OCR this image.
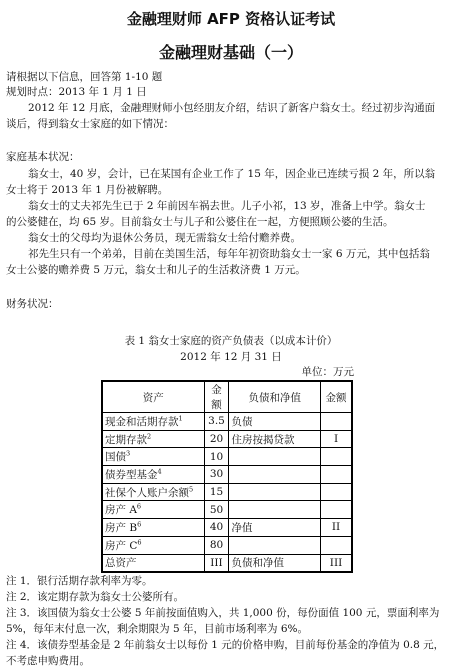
金融理财师 AFP 资格认证考试
金融理财基础（一）
请根据以下信息，回答第 1-10 题
规划时点：2013 年 1 月 1 日
2012 年 12 月底，金融理财师小包经朋友介绍，结识了新客户翁女士。经过初步沟通面
谈后，得到翁女士家庭的如下情况：
家庭基本状况：
翁女士，40 岁，会计，已在某国有企业工作了 15 年，因企业已连续亏损 2 年，所以翁
女士将于 2013 年 1 月份被解聘。
翁女士的丈夫祁先生已于 2 年前因车祸去世。儿子小祁，13 岁，准备上中学。翁女士
的公婆健在，均 65 岁。目前翁女士与儿子和公婆住在一起，方便照顾公婆的生活。
翁女士的父母均为退休公务员，现无需翁女士给付赡养费。
祁先生只有一个弟弟，目前在美国生活，每年年初资助翁女士一家 6 万元，其中包括翁
女士公婆的赡养费 5 万元，翁女士和儿子的生活救济费 1 万元。
财务状况：
表 1 翁女士家庭的资产负债表（以成本计价）
2012 年 12 月 31 日
单位：万元
资产	金额	负债和净值	金额
现金和活期存款$^1$	3.5	负债	
定期存款$^2$	20	住房按揭贷款	I
国债$^3$	10		
债券型基金$^4$	30		
社保个人账户余额$^5$	15		
房产 $A^6$	50		
房产 $B^6$	40	净值	II
房产 $C^6$	80		
总资产	III	负债和净值	III
注 1．银行活期存款利率为零。
注 2．该定期存款为翁女士公婆所有。
注 3．该国债为翁女士公婆 5 年前按面值购入，共 1,000 份，每份面值 100 元，票面利率为
5%，每年末付息一次，剩余期限为 5 年，目前市场利率为 6%。
注 4．该债券型基金是 2 年前翁女士以每份 1 元的价格申购，目前每份基金的净值为 0.8 元，
不考虑申购费用。
